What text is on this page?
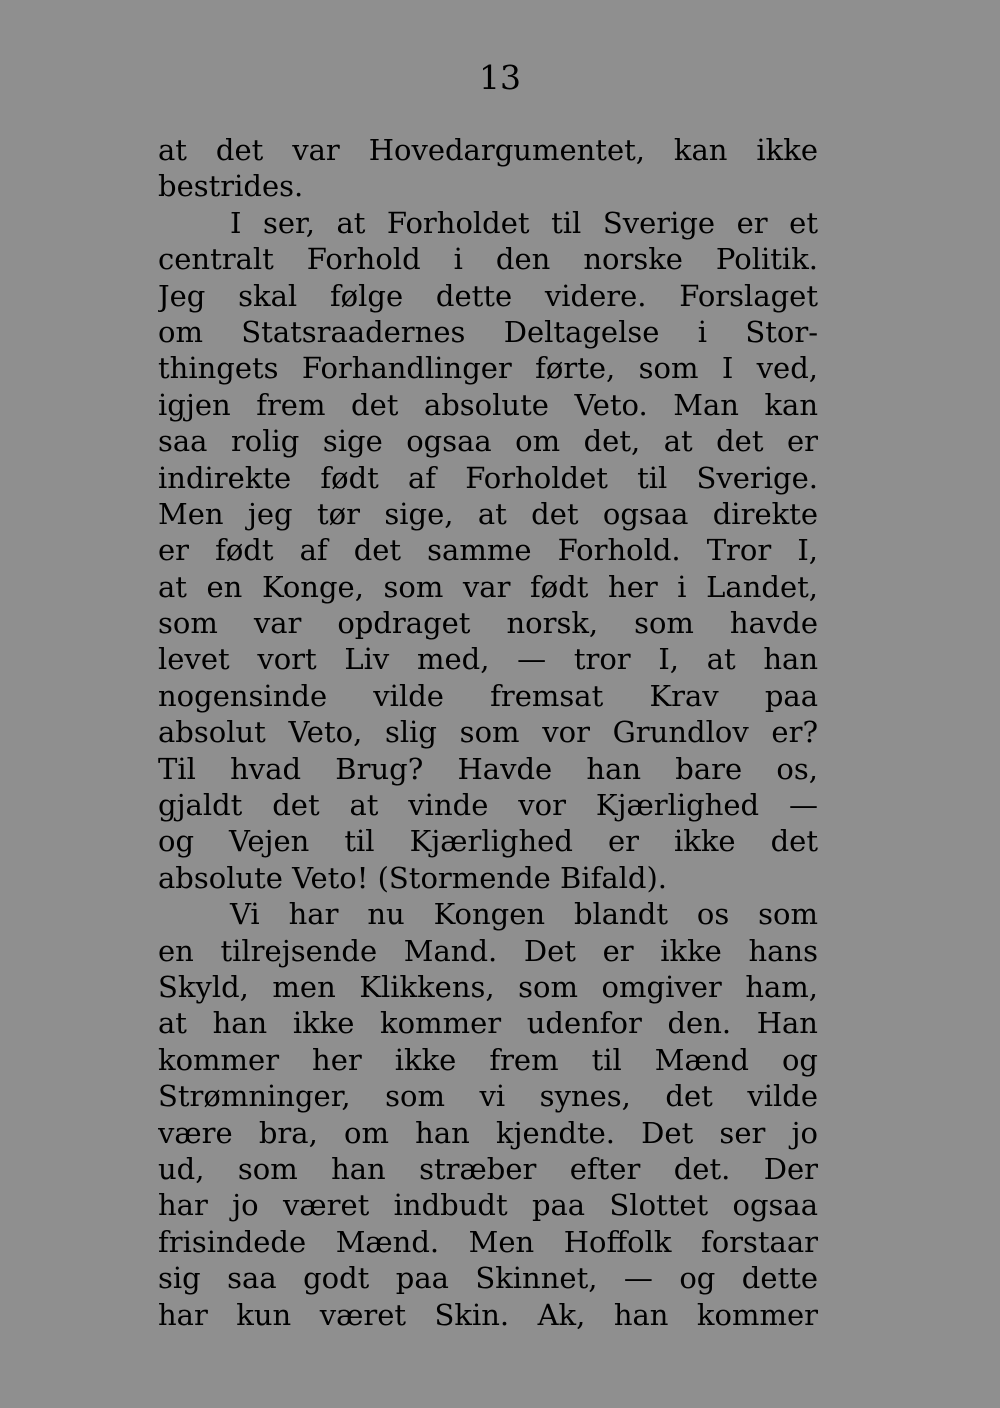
13
at det var Hovedargumentet, kan ikke
bestrides.
I ser, at Forholdet til Sverige er et
centralt Forhold i den norske Politik.
Jeg skal følge dette videre. Forslaget
om Statsraadernes Deltagelse i Stor-
thingets Forhandlinger førte, som I ved,
igjen frem det absolute Veto. Man kan
saa rolig sige ogsaa om det, at det er
indirekte født af Forholdet til Sverige.
Men jeg tør sige, at det ogsaa direkte
er født af det samme Forhold. Tror I,
at en Konge, som var født her i Landet,
som var opdraget norsk, som havde
levet vort Liv med, — tror I, at han
nogensinde vilde fremsat Krav paa
absolut Veto, slig som vor Grundlov er?
Til hvad Brug? Havde han bare os,
gjaldt det at vinde vor Kjærlighed —
og Vejen til Kjærlighed er ikke det
absolute Veto! (Stormende Bifald).
Vi har nu Kongen blandt os som
en tilrejsende Mand. Det er ikke hans
Skyld, men Klikkens, som omgiver ham,
at han ikke kommer udenfor den. Han
kommer her ikke frem til Mænd og
Strømninger, som vi synes, det vilde
være bra, om han kjendte. Det ser jo
ud, som han stræber efter det. Der
har jo været indbudt paa Slottet ogsaa
frisindede Mænd. Men Hoffolk forstaar
sig saa godt paa Skinnet, — og dette
har kun været Skin. Ak, han kommer
